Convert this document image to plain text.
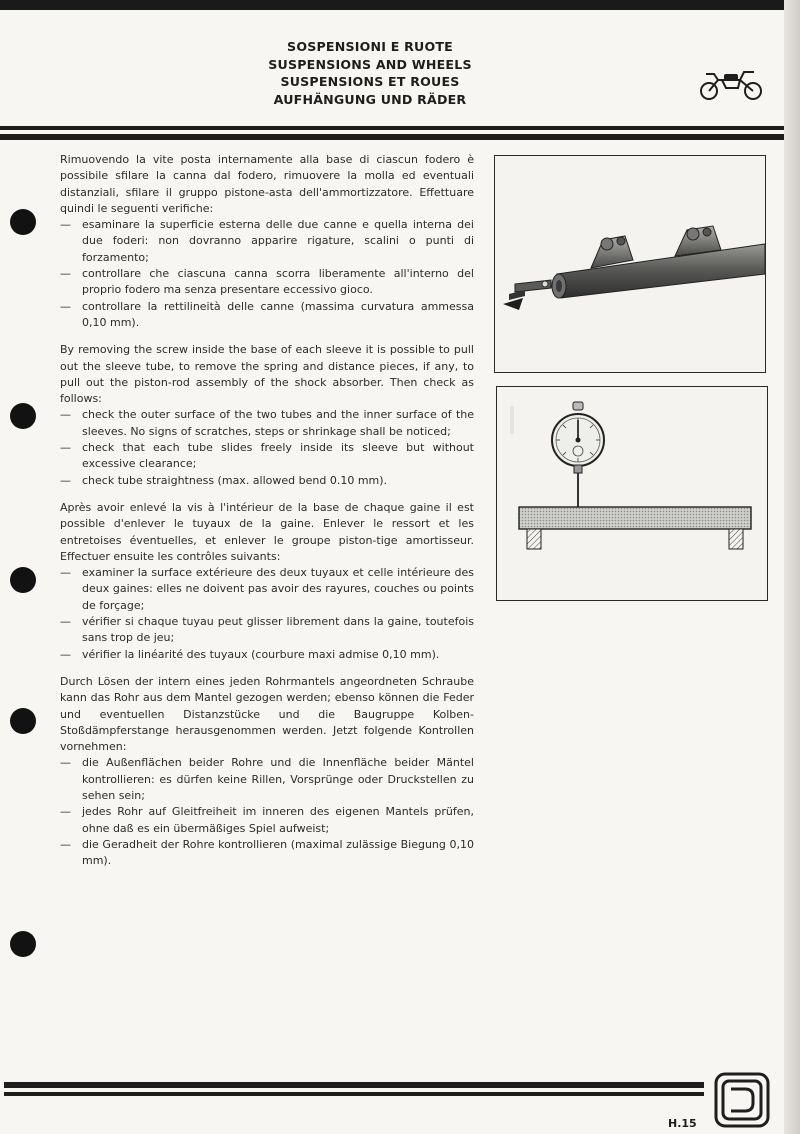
SOSPENSIONI E RUOTE
SUSPENSIONS AND WHEELS
SUSPENSIONS ET ROUES
AUFHÄNGUNG UND RÄDER

Rimuovendo la vite posta internamente alla base di ciascun fodero è possibile sfilare la canna dal fodero, rimuovere la molla ed eventuali distanziali, sfilare il gruppo pistone-asta dell'ammortizzatore. Effettuare quindi le seguenti verifiche:

— esaminare la superficie esterna delle due canne e quella interna dei due foderi: non dovranno apparire rigature, scalini o punti di forzamento;
— controllare che ciascuna canna scorra liberamente all'interno del proprio fodero ma senza presentare eccessivo gioco.
— controllare la rettilineità delle canne (massima curvatura ammessa 0,10 mm).

By removing the screw inside the base of each sleeve it is possible to pull out the sleeve tube, to remove the spring and distance pieces, if any, to pull out the piston-rod assembly of the shock absorber. Then check as follows:

— check the outer surface of the two tubes and the inner surface of the sleeves. No signs of scratches, steps or shrinkage shall be noticed;
— check that each tube slides freely inside its sleeve but without excessive clearance;
— check tube straightness (max. allowed bend 0.10 mm).

Après avoir enlevé la vis à l'intérieur de la base de chaque gaine il est possible d'enlever le tuyaux de la gaine. Enlever le ressort et les entretoises éventuelles, et enlever le groupe piston-tige amortisseur. Effectuer ensuite les contrôles suivants:

— examiner la surface extérieure des deux tuyaux et celle intérieure des deux gaines: elles ne doivent pas avoir des rayures, couches ou points de forçage;
— vérifier si chaque tuyau peut glisser librement dans la gaine, toutefois sans trop de jeu;
— vérifier la linéarité des tuyaux (courbure maxi admise 0,10 mm).

Durch Lösen der intern eines jeden Rohrmantels angeordneten Schraube kann das Rohr aus dem Mantel gezogen werden; ebenso können die Feder und eventuellen Distanzstücke und die Baugruppe Kolben-Stoßdämpferstange herausgenommen werden. Jetzt folgende Kontrollen vornehmen:

— die Außenflächen beider Rohre und die Innenfläche beider Mäntel kontrollieren: es dürfen keine Rillen, Vorsprünge oder Druckstellen zu sehen sein;
— jedes Rohr auf Gleitfreiheit im inneren des eigenen Mantels prüfen, ohne daß es ein übermäßiges Spiel aufweist;
— die Geradheit der Rohre kontrollieren (maximal zulässige Biegung 0,10 mm).
H.15
